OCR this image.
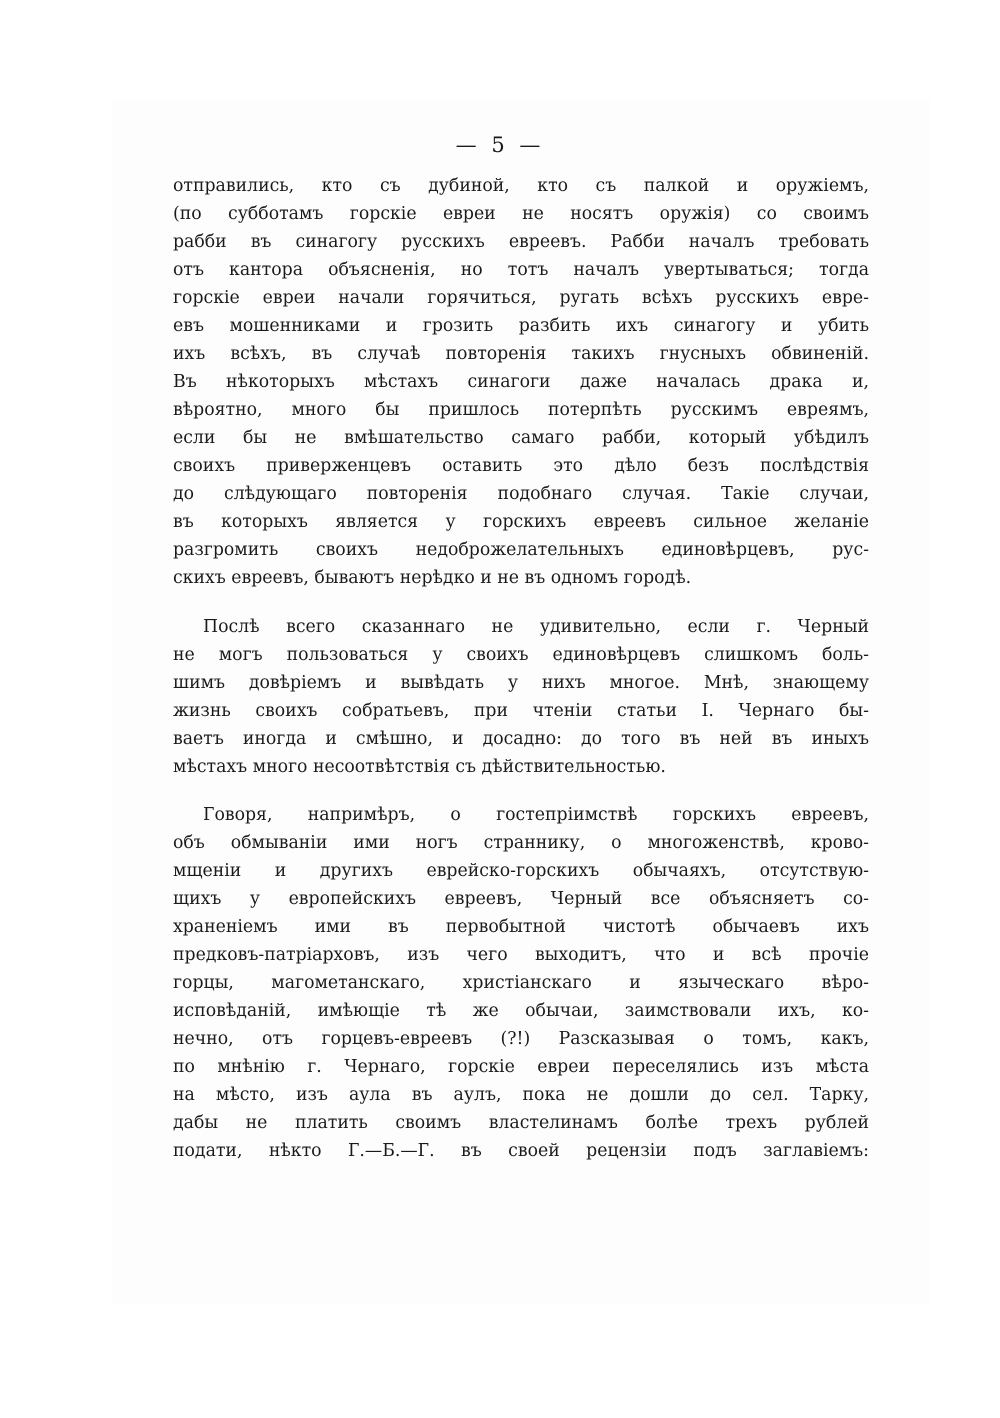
— 5 —
отправились, кто съ дубиной, кто съ палкой и оружіемъ,
(по субботамъ горскіе евреи не носятъ оружія) со своимъ
рабби въ синагогу русскихъ евреевъ. Рабби началъ требовать
отъ кантора объясненія, но тотъ началъ увертываться; тогда
горскіе евреи начали горячиться, ругать всѣхъ русскихъ евре-
евъ мошенниками и грозить разбить ихъ синагогу и убить
ихъ всѣхъ, въ случаѣ повторенія такихъ гнусныхъ обвиненій.
Въ нѣкоторыхъ мѣстахъ синагоги даже началась драка и,
вѣроятно, много бы пришлось потерпѣть русскимъ евреямъ,
если бы не вмѣшательство самаго рабби, который убѣдилъ
своихъ приверженцевъ оставить это дѣло безъ послѣдствія
до слѣдующаго повторенія подобнаго случая. Такіе случаи,
въ которыхъ является у горскихъ евреевъ сильное желаніе
разгромить своихъ недоброжелательныхъ единовѣрцевъ, рус-
скихъ евреевъ, бываютъ нерѣдко и не въ одномъ городѣ.
Послѣ всего сказаннаго не удивительно, если г. Черный
не могъ пользоваться у своихъ единовѣрцевъ слишкомъ боль-
шимъ довѣріемъ и вывѣдать у нихъ многое. Мнѣ, знающему
жизнь своихъ собратьевъ, при чтеніи статьи I. Чернаго бы-
ваетъ иногда и смѣшно, и досадно: до того въ ней въ иныхъ
мѣстахъ много несоотвѣтствія съ дѣйствительностью.
Говоря, напримѣръ, о гостепріимствѣ горскихъ евреевъ,
объ обмываніи ими ногъ страннику, о многоженствѣ, крово-
мщеніи и другихъ еврейско-горскихъ обычаяхъ, отсутствую-
щихъ у европейскихъ евреевъ, Черный все объясняетъ со-
храненіемъ ими въ первобытной чистотѣ обычаевъ ихъ
предковъ-патріарховъ, изъ чего выходитъ, что и всѣ прочіе
горцы, магометанскаго, христіанскаго и языческаго вѣро-
исповѣданій, имѣющіе тѣ же обычаи, заимствовали ихъ, ко-
нечно, отъ горцевъ-евреевъ (?!) Разсказывая о томъ, какъ,
по мнѣнію г. Чернаго, горскіе евреи переселялись изъ мѣста
на мѣсто, изъ аула въ аулъ, пока не дошли до сел. Тарку,
дабы не платить своимъ властелинамъ болѣе трехъ рублей
подати, нѣкто Г.—Б.—Г. въ своей рецензіи подъ заглавіемъ:
